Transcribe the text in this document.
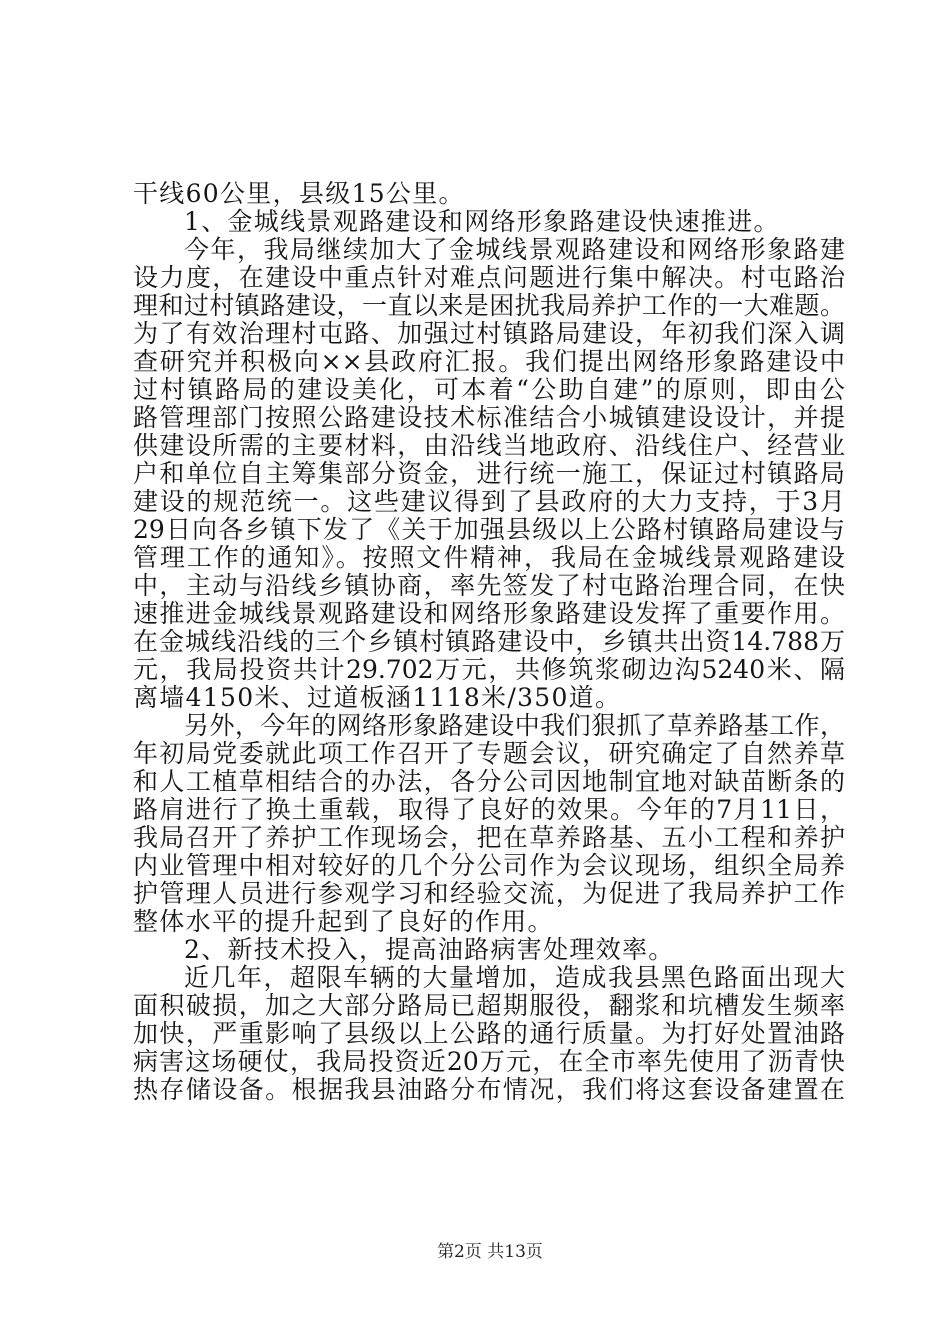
干线60公里，县级15公里。
1、金城线景观路建设和网络形象路建设快速推进。
今年，我局继续加大了金城线景观路建设和网络形象路建
设力度，在建设中重点针对难点问题进行集中解决。村屯路治
理和过村镇路建设，一直以来是困扰我局养护工作的一大难题。
为了有效治理村屯路、加强过村镇路局建设，年初我们深入调
查研究并积极向××县政府汇报。我们提出网络形象路建设中
过村镇路局的建设美化，可本着“公助自建”的原则，即由公
路管理部门按照公路建设技术标准结合小城镇建设设计，并提
供建设所需的主要材料，由沿线当地政府、沿线住户、经营业
户和单位自主筹集部分资金，进行统一施工，保证过村镇路局
建设的规范统一。这些建议得到了县政府的大力支持，于3月
29日向各乡镇下发了《关于加强县级以上公路村镇路局建设与
管理工作的通知》。按照文件精神，我局在金城线景观路建设
中，主动与沿线乡镇协商，率先签发了村屯路治理合同，在快
速推进金城线景观路建设和网络形象路建设发挥了重要作用。
在金城线沿线的三个乡镇村镇路建设中，乡镇共出资14.788万
元，我局投资共计29.702万元，共修筑浆砌边沟5240米、隔
离墙4150米、过道板涵1118米/350道。
另外，今年的网络形象路建设中我们狠抓了草养路基工作，
年初局党委就此项工作召开了专题会议，研究确定了自然养草
和人工植草相结合的办法，各分公司因地制宜地对缺苗断条的
路肩进行了换土重载，取得了良好的效果。今年的7月11日，
我局召开了养护工作现场会，把在草养路基、五小工程和养护
内业管理中相对较好的几个分公司作为会议现场，组织全局养
护管理人员进行参观学习和经验交流，为促进了我局养护工作
整体水平的提升起到了良好的作用。
2、新技术投入，提高油路病害处理效率。
近几年，超限车辆的大量增加，造成我县黑色路面出现大
面积破损，加之大部分路局已超期服役，翻浆和坑槽发生频率
加快，严重影响了县级以上公路的通行质量。为打好处置油路
病害这场硬仗，我局投资近20万元，在全市率先使用了沥青快
热存储设备。根据我县油路分布情况，我们将这套设备建置在
第2页 共13页
